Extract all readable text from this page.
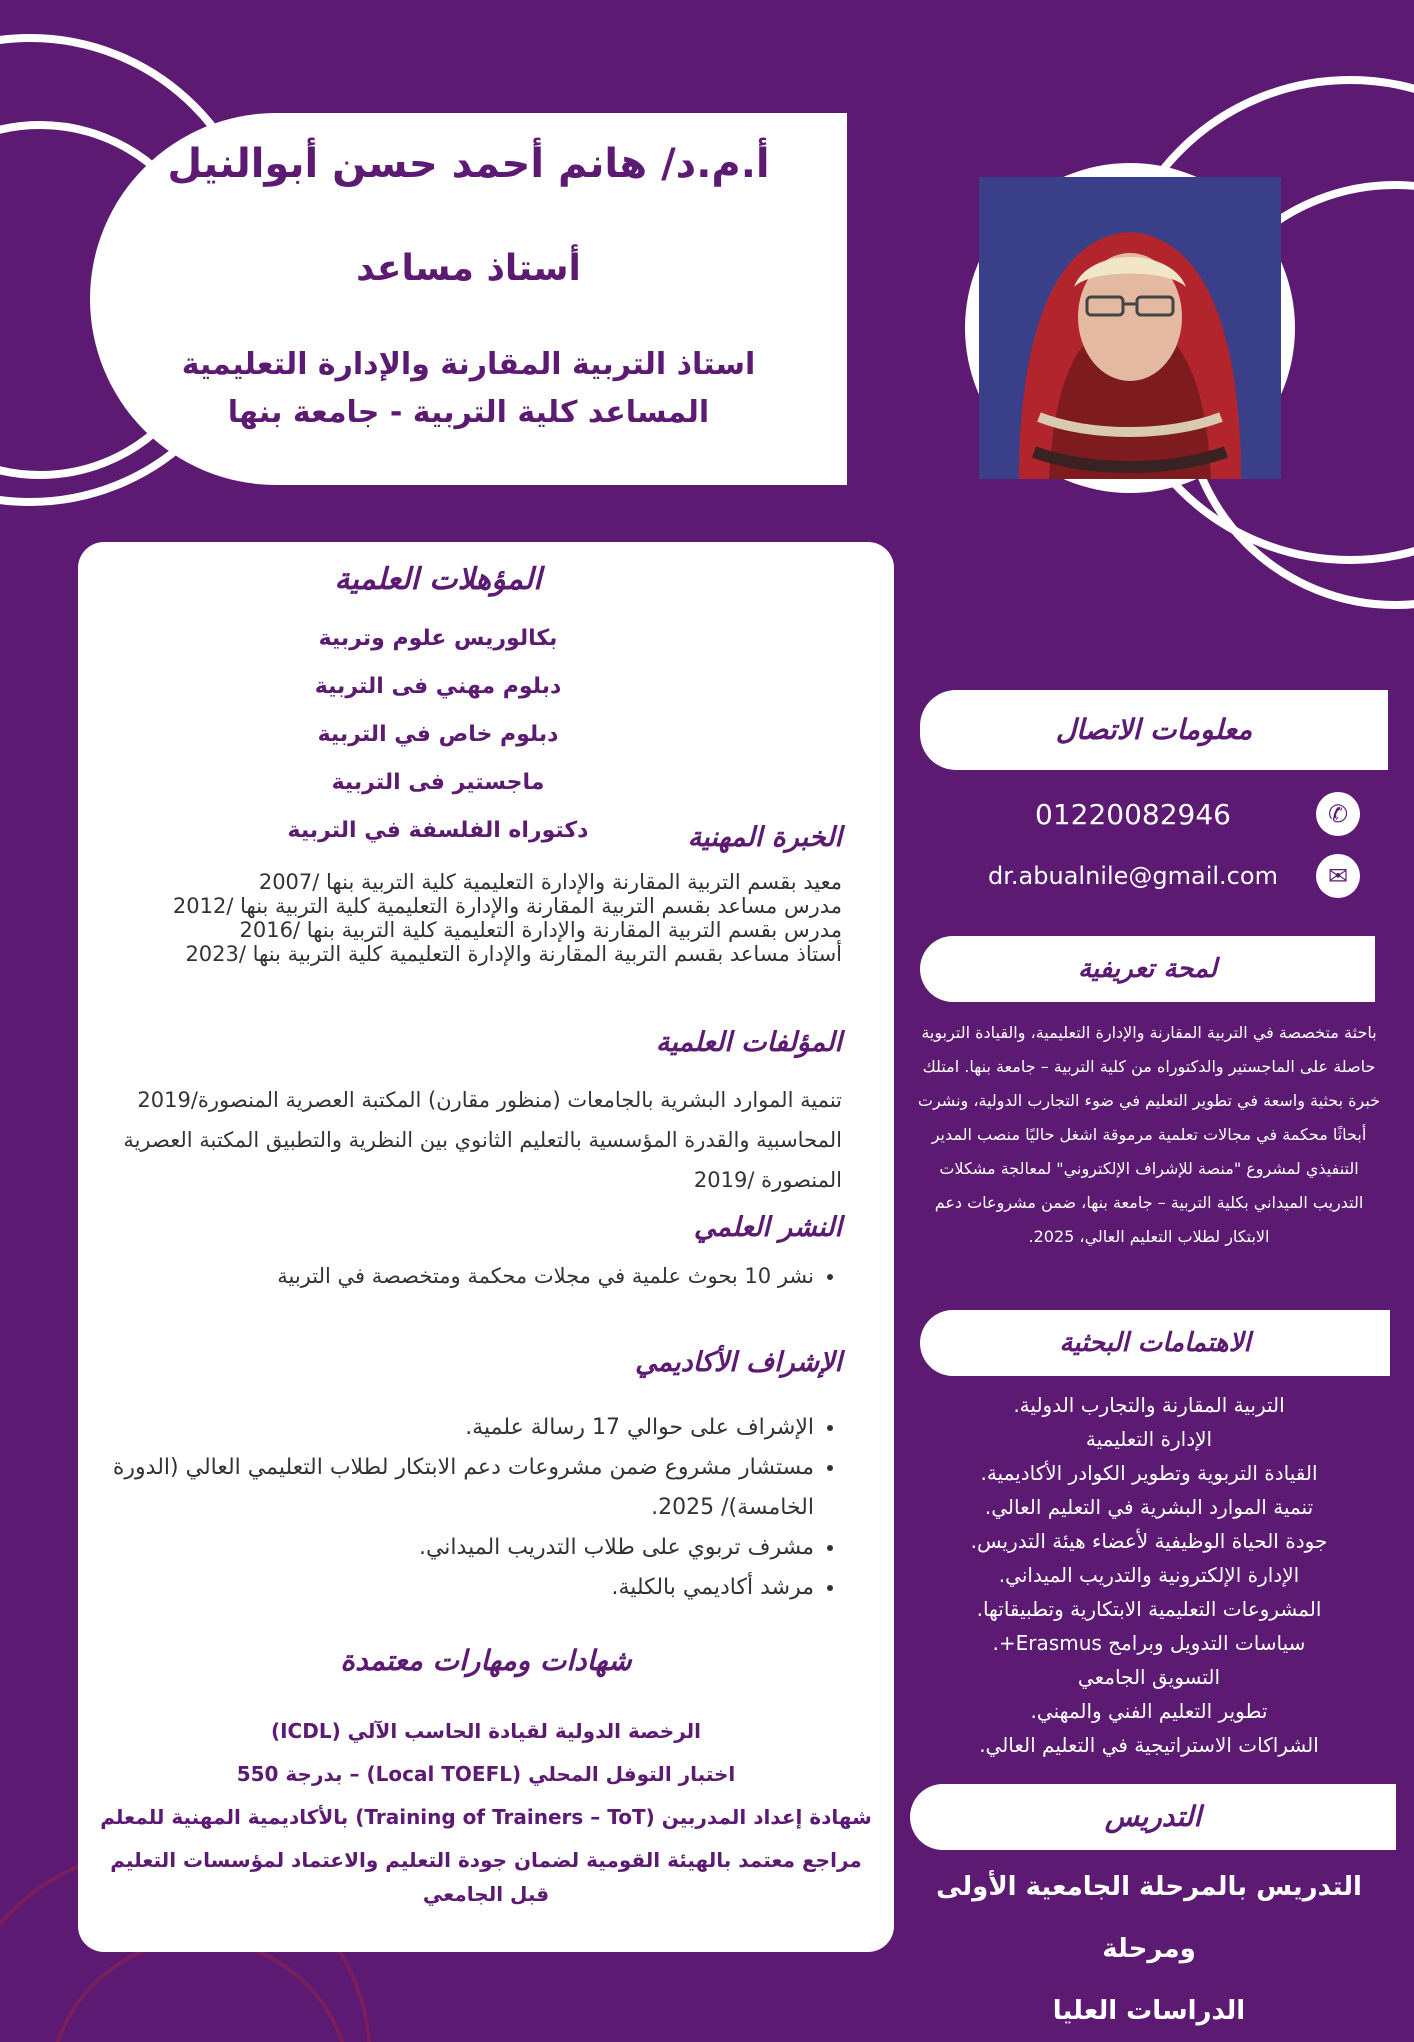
أ.م.د/ هانم أحمد حسن أبوالنيل
أستاذ مساعد
استاذ التربية المقارنة والإدارة التعليمية
المساعد كلية التربية - جامعة بنها
المؤهلات العلمية
بكالوريس علوم وتربية
دبلوم مهني فى التربية
دبلوم خاص في التربية
ماجستير فى التربية
دكتوراه الفلسفة في التربية	الخبرة المهنية
معيد بقسم التربية المقارنة والإدارة التعليمية كلية التربية بنها /2007
مدرس مساعد بقسم التربية المقارنة والإدارة التعليمية كلية التربية بنها /2012
مدرس بقسم التربية المقارنة والإدارة التعليمية كلية التربية بنها /2016
أستاذ مساعد بقسم التربية المقارنة والإدارة التعليمية كلية التربية بنها /2023
المؤلفات العلمية
تنمية الموارد البشرية بالجامعات (منظور مقارن) المكتبة العصرية المنصورة/2019
المحاسبية والقدرة المؤسسية بالتعليم الثانوي بين النظرية والتطبيق المكتبة العصرية المنصورة /2019
النشر العلمي
• نشر 10 بحوث علمية في مجلات محكمة ومتخصصة في التربية
الإشراف الأكاديمي
• الإشراف على حوالي 17 رسالة علمية.
• مستشار مشروع ضمن مشروعات دعم الابتكار لطلاب التعليمي العالي (الدورة الخامسة)/ 2025.
• مشرف تربوي على طلاب التدريب الميداني.
• مرشد أكاديمي بالكلية.
شهادات ومهارات معتمدة
الرخصة الدولية لقيادة الحاسب الآلي (ICDL)
اختبار التوفل المحلي (Local TOEFL) – بدرجة 550
شهادة إعداد المدربين (Training of Trainers – ToT) بالأكاديمية المهنية للمعلم
مراجع معتمد بالهيئة القومية لضمان جودة التعليم والاعتماد لمؤسسات التعليم قبل الجامعي
معلومات الاتصال
✆
01220082946
✉
dr.abualnile@gmail.com
لمحة تعريفية
باحثة متخصصة في التربية المقارنة والإدارة التعليمية، والقيادة التربوية حاصلة على الماجستير والدكتوراه من كلية التربية – جامعة بنها. امتلك خبرة بحثية واسعة في تطوير التعليم في ضوء التجارب الدولية، ونشرت أبحاثًا محكمة في مجالات تعلمية مرموقة اشغل حاليًا منصب المدير التنفيذي لمشروع "منصة للإشراف الإلكتروني" لمعالجة مشكلات التدريب الميداني بكلية التربية – جامعة بنها، ضمن مشروعات دعم الابتكار لطلاب التعليم العالي، 2025.
الاهتمامات البحثية
التربية المقارنة والتجارب الدولية.
الإدارة التعليمية
القيادة التربوية وتطوير الكوادر الأكاديمية.
تنمية الموارد البشرية في التعليم العالي.
جودة الحياة الوظيفية لأعضاء هيئة التدريس.
الإدارة الإلكترونية والتدريب الميداني.
المشروعات التعليمية الابتكارية وتطبيقاتها.
سياسات التدويل وبرامج Erasmus+.
التسويق الجامعي
تطوير التعليم الفني والمهني.
الشراكات الاستراتيجية في التعليم العالي.
التدريس
التدريس بالمرحلة الجامعية الأولى ومرحلة
الدراسات العليا
